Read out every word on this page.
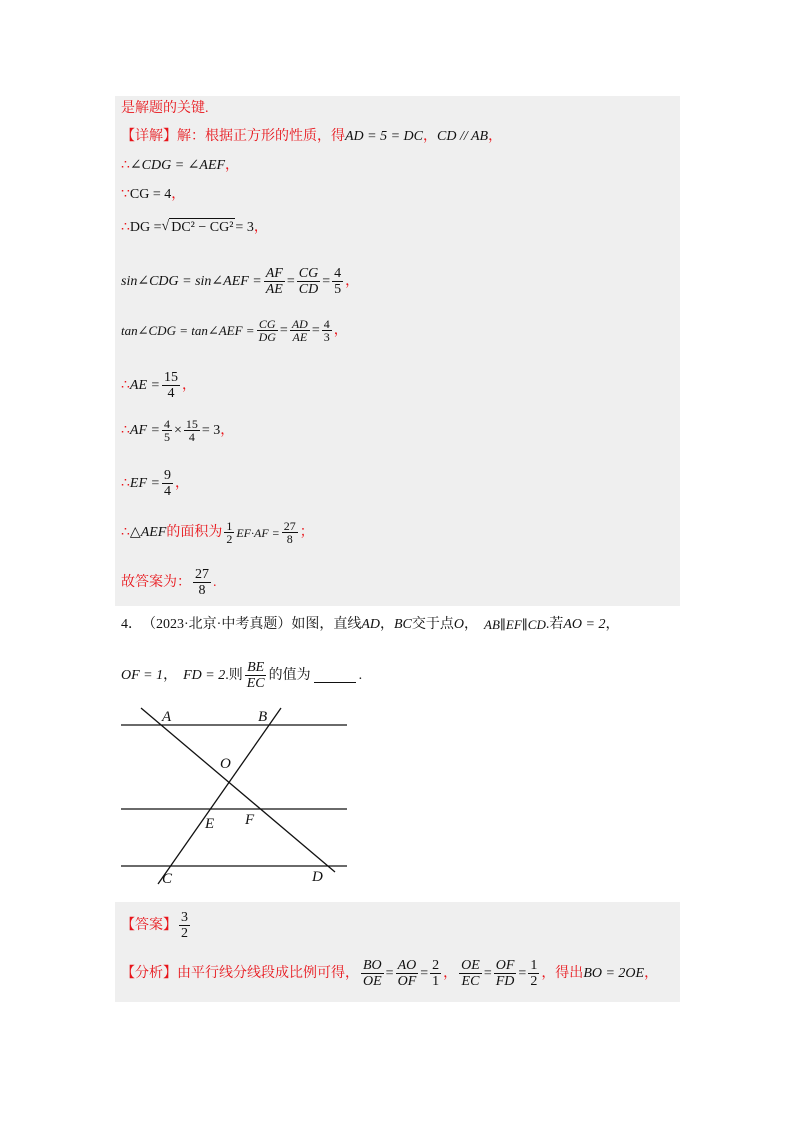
是解题的关键.
【详解】 解：根据正方形的性质，得 AD = 5 = DC ， CD // AB ，
∴ ∠CDG = ∠AEF ，
∵ CG = 4 ，
∴ DG = √ DC² − CG² = 3 ，
sin∠CDG = sin∠AEF = $\frac{AF}{AE} = \frac{CG}{CD} = \frac{4}{5}$ ，
tan∠CDG = tan∠AEF = $\frac{CG}{DG} = \frac{AD}{AE} = \frac{4}{3}$ ，
∴ AE = $\frac{15}{4}$ ，
∴ AF = $\frac{4}{5} \times \frac{15}{4} = 3$ ，
∴ EF = $\frac{9}{4}$ ，
∴ △AEF 的面积为 $\frac{1}{2} EF\cdot AF = \frac{27}{8}$ ；
故答案为： $\frac{27}{8}$ .
4． （2023·北京·中考真题）如图，直线 AD ， BC 交于点 O ， AB∥EF∥CD .若 AO = 2 ，
OF = 1 ， FD = 2 .则 $\frac{BE}{EC}$ 的值为	.
A	B
O
E F
C	D
【答案】 $\frac{3}{2}$
【分析】 由平行线分线段成比例可得， $\frac{BO}{OE} = \frac{AO}{OF} = \frac{2}{1}$ ， $\frac{OE}{EC} = \frac{OF}{FD} = \frac{1}{2}$ ，得出 BO = 2OE ，
